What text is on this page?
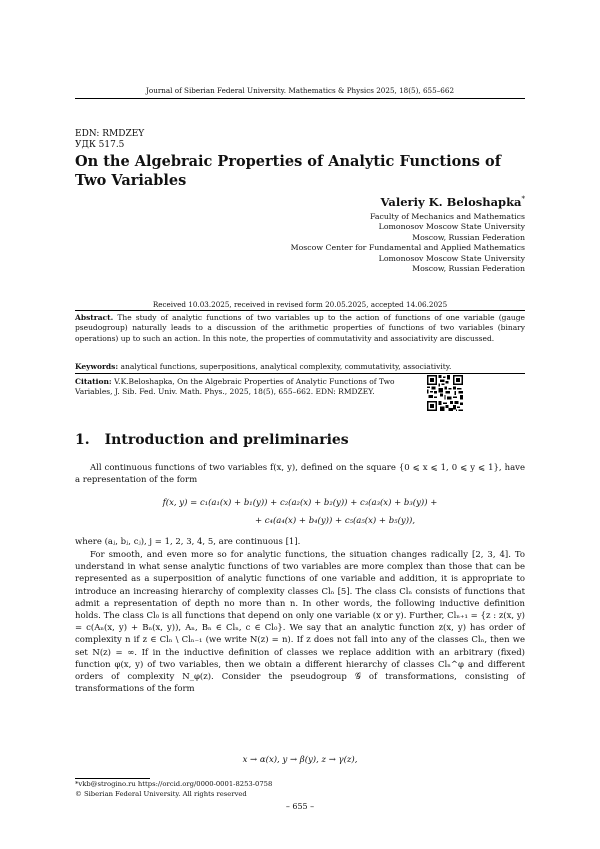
Journal of Siberian Federal University. Mathematics & Physics 2025, 18(5), 655–662
EDN: RMDZEY
УДК 517.5
On the Algebraic Properties of Analytic Functions of Two Variables
Valeriy K. Beloshapka*
Faculty of Mechanics and Mathematics
Lomonosov Moscow State University
Moscow, Russian Federation
Moscow Center for Fundamental and Applied Mathematics
Lomonosov Moscow State University
Moscow, Russian Federation
Received 10.03.2025, received in revised form 20.05.2025, accepted 14.06.2025
Abstract. The study of analytic functions of two variables up to the action of functions of one variable (gauge pseudogroup) naturally leads to a discussion of the arithmetic properties of functions of two variables (binary operations) up to such an action. In this note, the properties of commutativity and associativity are discussed.
Keywords: analytical functions, superpositions, analytical complexity, commutativity, associativity.
Citation: V.K.Beloshapka, On the Algebraic Properties of Analytic Functions of Two Variables, J. Sib. Fed. Univ. Math. Phys., 2025, 18(5), 655–662. EDN: RMDZEY.
1. Introduction and preliminaries
All continuous functions of two variables f(x, y), defined on the square {0 ⩽ x ⩽ 1, 0 ⩽ y ⩽ 1}, have a representation of the form
f(x, y) = c₁(a₁(x) + b₁(y)) + c₂(a₂(x) + b₂(y)) + c₃(a₃(x) + b₃(y)) +
+ c₄(a₄(x) + b₄(y)) + c₅(a₅(x) + b₅(y)),
where (aⱼ, bⱼ, cⱼ), j = 1, 2, 3, 4, 5, are continuous [1].
For smooth, and even more so for analytic functions, the situation changes radically [2, 3, 4]. To understand in what sense analytic functions of two variables are more complex than those that can be represented as a superposition of analytic functions of one variable and addition, it is appropriate to introduce an increasing hierarchy of complexity classes Clₙ [5]. The class Clₙ consists of functions that admit a representation of depth no more than n. In other words, the following inductive definition holds. The class Cl₀ is all functions that depend on only one variable (x or y). Further, Clₙ₊₁ = {z : z(x, y) = c(Aₙ(x, y) + Bₙ(x, y)), Aₙ, Bₙ ∈ Clₙ, c ∈ Cl₀}. We say that an analytic function z(x, y) has order of complexity n if z ∈ Clₙ \ Clₙ₋₁ (we write N(z) = n). If z does not fall into any of the classes Clₙ, then we set N(z) = ∞. If in the inductive definition of classes we replace addition with an arbitrary (fixed) function φ(x, y) of two variables, then we obtain a different hierarchy of classes Clₙ^φ and different orders of complexity N_φ(z). Consider the pseudogroup 𝒢 of transformations, consisting of transformations of the form
x → α(x), y → β(y), z → γ(z),
*vkb@strogino.ru https://orcid.org/0000-0001-8253-0758
© Siberian Federal University. All rights reserved
– 655 –
